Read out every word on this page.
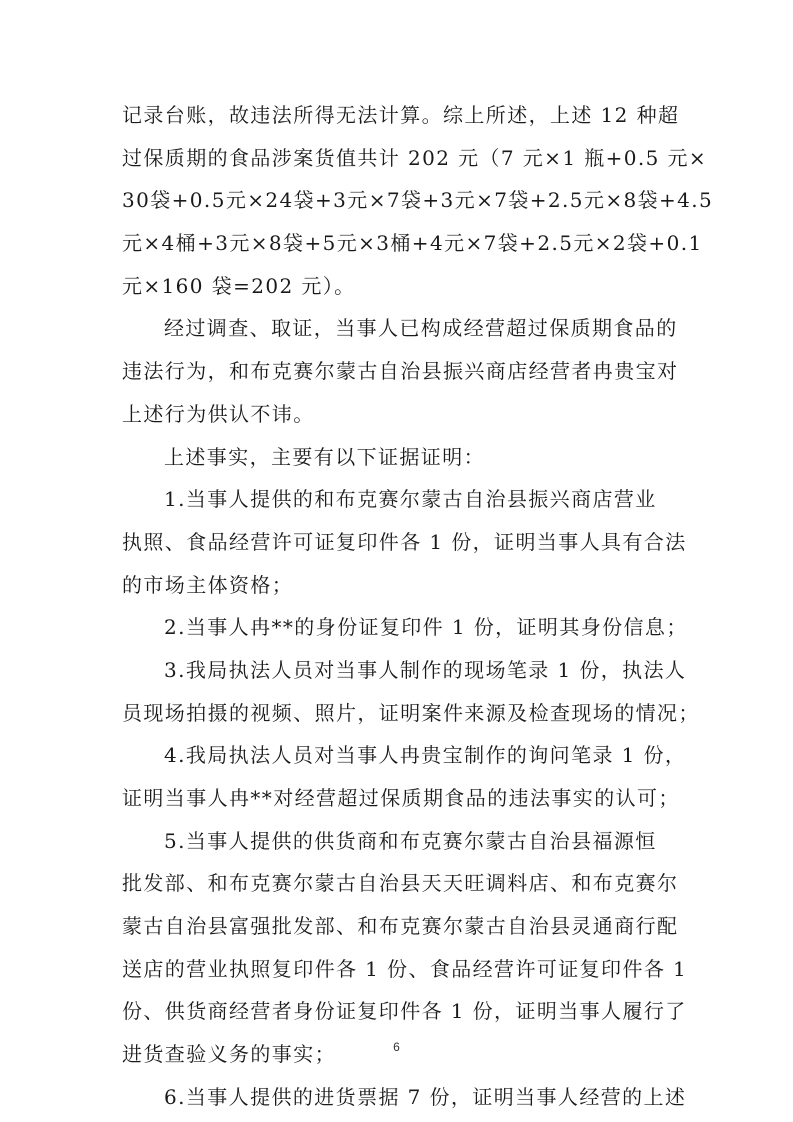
记录台账，故违法所得无法计算。综上所述，上述 12 种超
过保质期的食品涉案货值共计 202 元（7 元×1 瓶+0.5 元×
30袋+0.5元×24袋+3元×7袋+3元×7袋+2.5元×8袋+4.5
元×4桶+3元×8袋+5元×3桶+4元×7袋+2.5元×2袋+0.1
元×160 袋=202 元）。
经过调查、取证，当事人已构成经营超过保质期食品的
违法行为，和布克赛尔蒙古自治县振兴商店经营者冉贵宝对
上述行为供认不讳。
上述事实，主要有以下证据证明：
1.当事人提供的和布克赛尔蒙古自治县振兴商店营业
执照、食品经营许可证复印件各 1 份，证明当事人具有合法
的市场主体资格；
2.当事人冉**的身份证复印件 1 份，证明其身份信息；
3.我局执法人员对当事人制作的现场笔录 1 份，执法人
员现场拍摄的视频、照片，证明案件来源及检查现场的情况；
4.我局执法人员对当事人冉贵宝制作的询问笔录 1 份，
证明当事人冉**对经营超过保质期食品的违法事实的认可；
5.当事人提供的供货商和布克赛尔蒙古自治县福源恒
批发部、和布克赛尔蒙古自治县天天旺调料店、和布克赛尔
蒙古自治县富强批发部、和布克赛尔蒙古自治县灵通商行配
送店的营业执照复印件各 1 份、食品经营许可证复印件各 1
份、供货商经营者身份证复印件各 1 份，证明当事人履行了
进货查验义务的事实；
6.当事人提供的进货票据 7 份，证明当事人经营的上述
6
